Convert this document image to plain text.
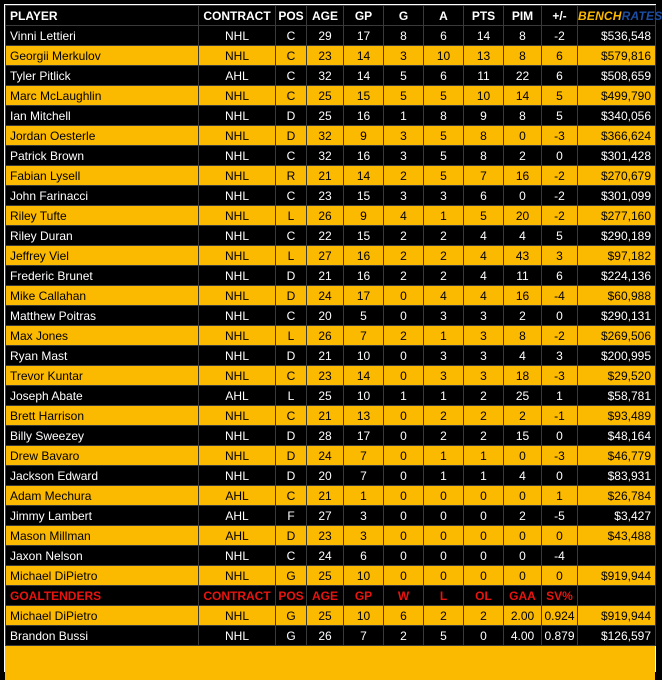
PLAYER	CONTRACT	POS	AGE	GP	G	A	PTS	PIM	+/-	BENCHRATES
Vinni Lettieri	NHL	C	29	17	8	6	14	8	-2	$536,548
Georgii Merkulov	NHL	C	23	14	3	10	13	8	6	$579,816
Tyler Pitlick	AHL	C	32	14	5	6	11	22	6	$508,659
Marc McLaughlin	NHL	C	25	15	5	5	10	14	5	$499,790
Ian Mitchell	NHL	D	25	16	1	8	9	8	5	$340,056
Jordan Oesterle	NHL	D	32	9	3	5	8	0	-3	$366,624
Patrick Brown	NHL	C	32	16	3	5	8	2	0	$301,428
Fabian Lysell	NHL	R	21	14	2	5	7	16	-2	$270,679
John Farinacci	NHL	C	23	15	3	3	6	0	-2	$301,099
Riley Tufte	NHL	L	26	9	4	1	5	20	-2	$277,160
Riley Duran	NHL	C	22	15	2	2	4	4	5	$290,189
Jeffrey Viel	NHL	L	27	16	2	2	4	43	3	$97,182
Frederic Brunet	NHL	D	21	16	2	2	4	11	6	$224,136
Mike Callahan	NHL	D	24	17	0	4	4	16	-4	$60,988
Matthew Poitras	NHL	C	20	5	0	3	3	2	0	$290,131
Max Jones	NHL	L	26	7	2	1	3	8	-2	$269,506
Ryan Mast	NHL	D	21	10	0	3	3	4	3	$200,995
Trevor Kuntar	NHL	C	23	14	0	3	3	18	-3	$29,520
Joseph Abate	AHL	L	25	10	1	1	2	25	1	$58,781
Brett Harrison	NHL	C	21	13	0	2	2	2	-1	$93,489
Billy Sweezey	NHL	D	28	17	0	2	2	15	0	$48,164
Drew Bavaro	NHL	D	24	7	0	1	1	0	-3	$46,779
Jackson Edward	NHL	D	20	7	0	1	1	4	0	$83,931
Adam Mechura	AHL	C	21	1	0	0	0	0	1	$26,784
Jimmy Lambert	AHL	F	27	3	0	0	0	2	-5	$3,427
Mason Millman	AHL	D	23	3	0	0	0	0	0	$43,488
Jaxon Nelson	NHL	C	24	6	0	0	0	0	-4	
Michael DiPietro	NHL	G	25	10	0	0	0	0	0	$919,944
GOALTENDERS	CONTRACT	POS	AGE	GP	W	L	OL	GAA	SV%	
Michael DiPietro	NHL	G	25	10	6	2	2	2.00	0.924	$919,944
Brandon Bussi	NHL	G	26	7	2	5	0	4.00	0.879	$126,597
